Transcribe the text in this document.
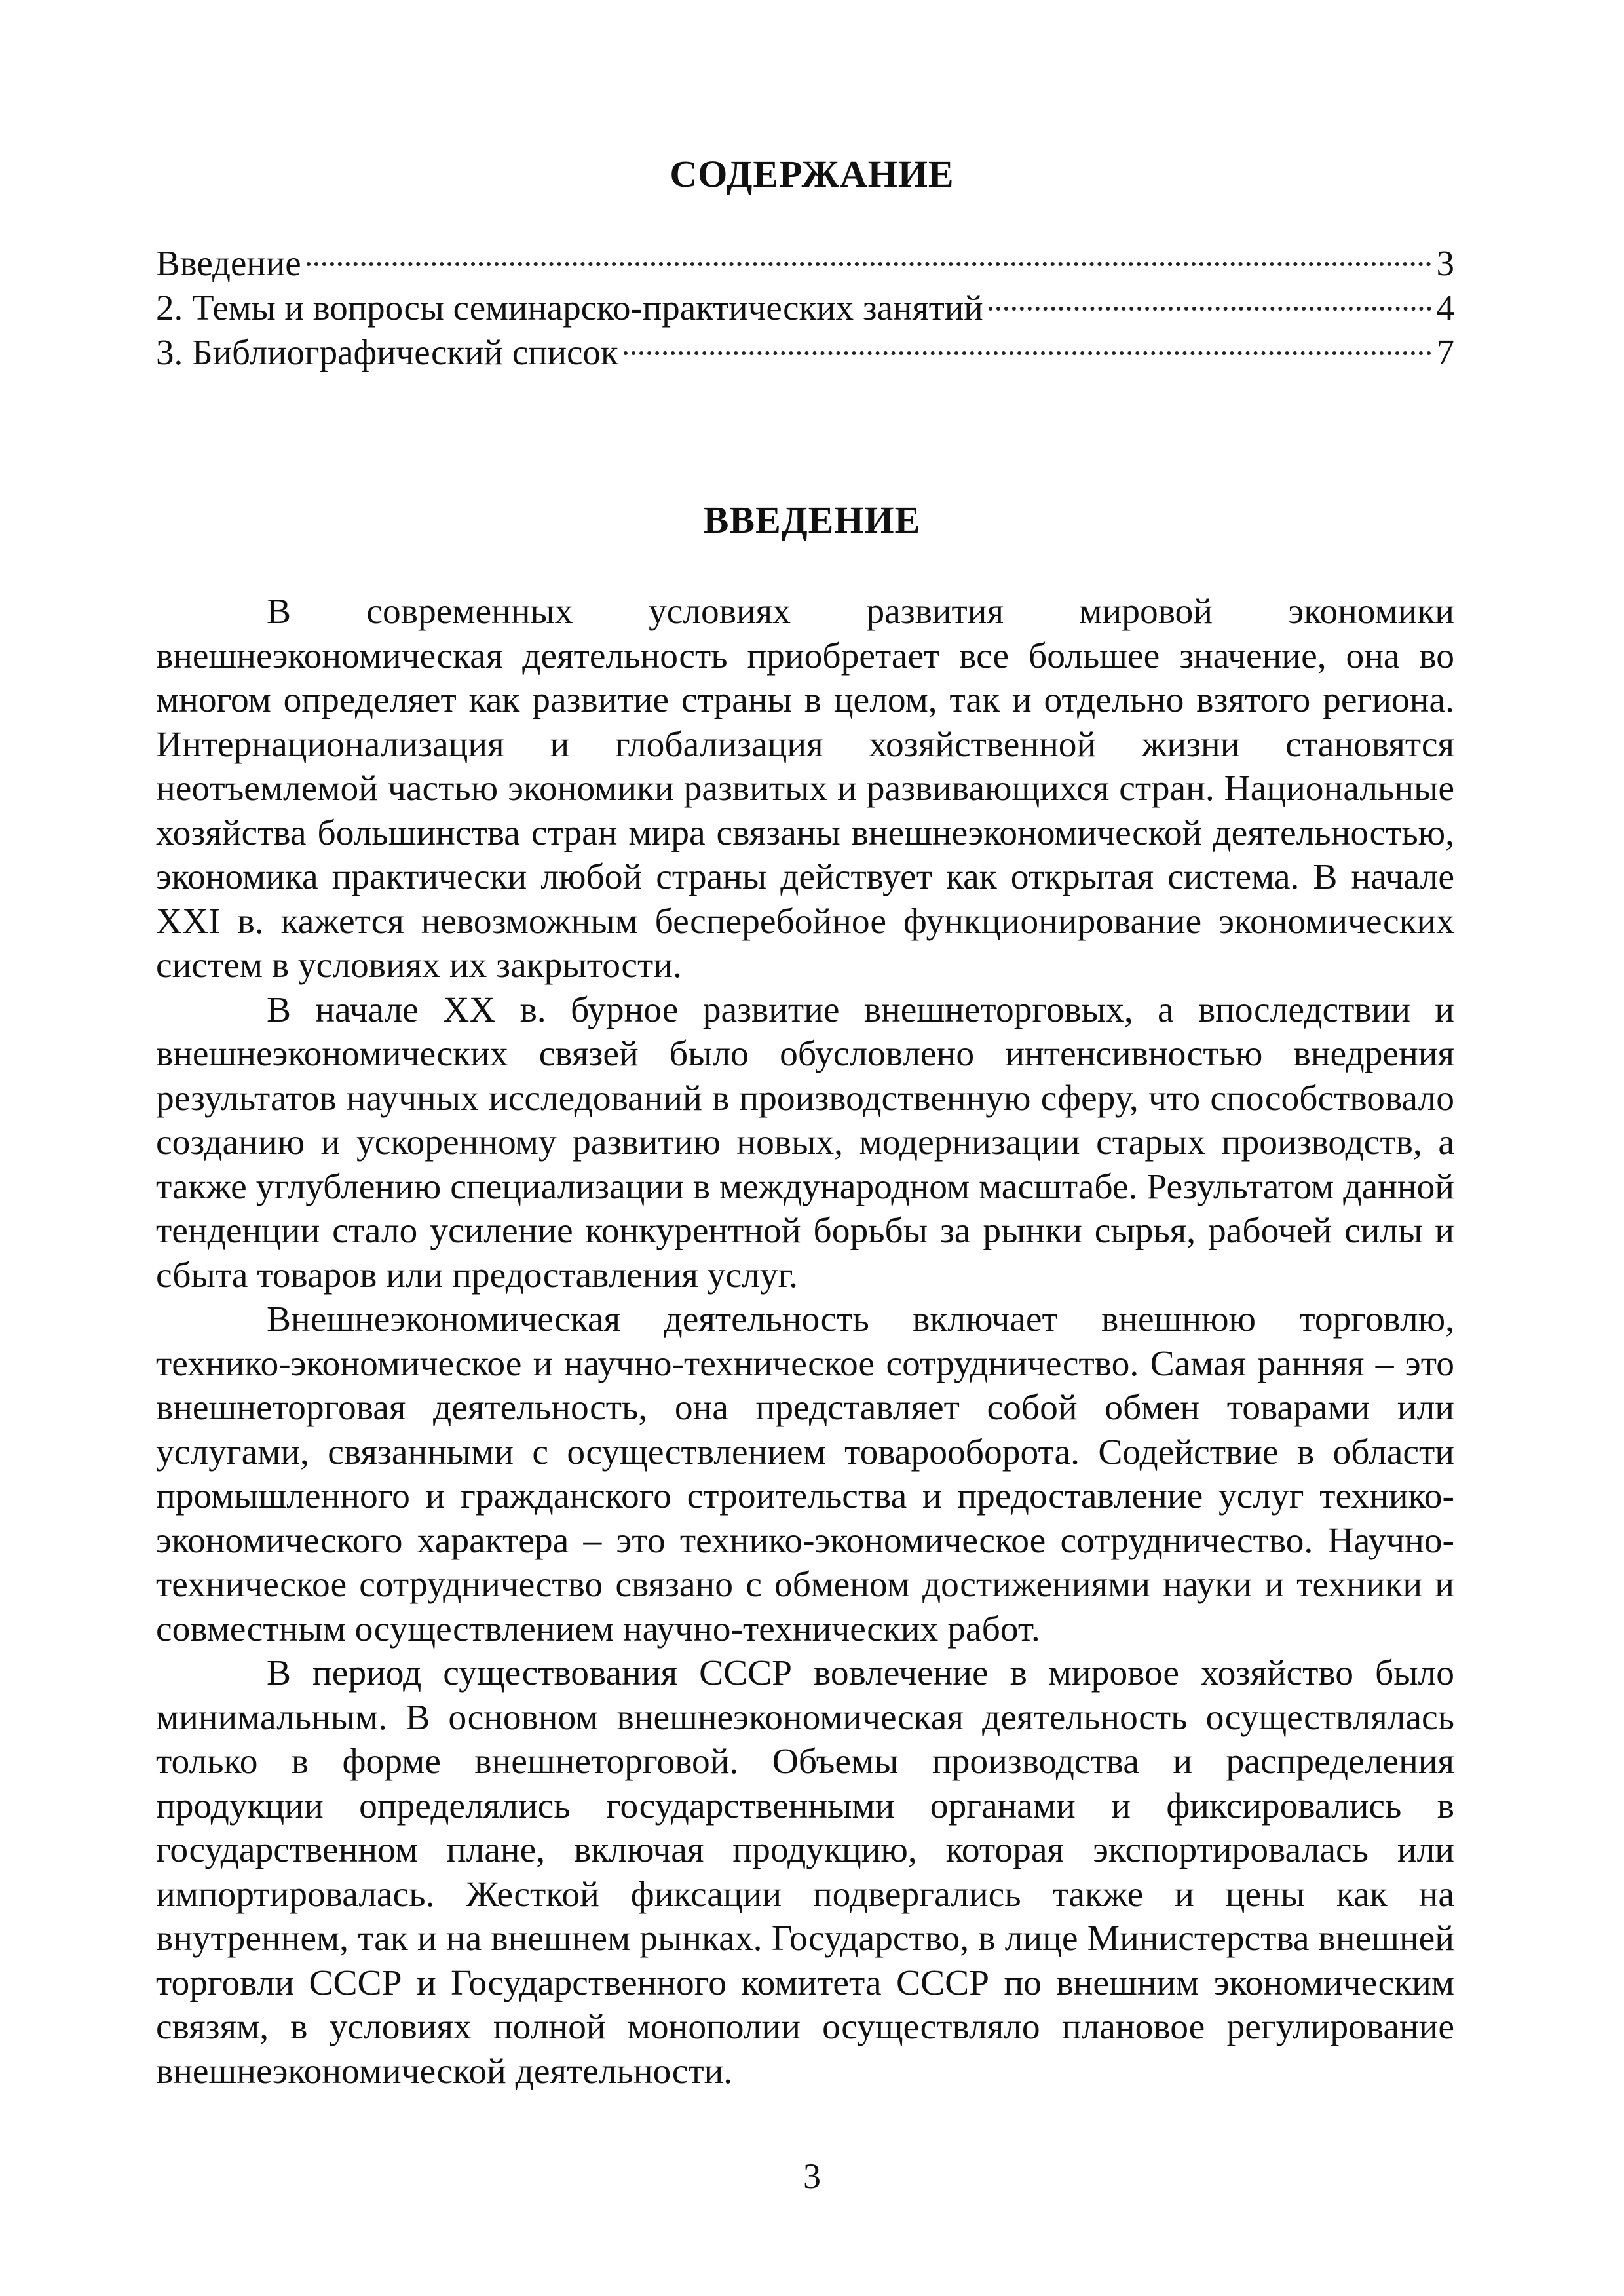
СОДЕРЖАНИЕ
Введение	3
2. Темы и вопросы семинарско-практических занятий	4
3. Библиографический список	7
ВВЕДЕНИЕ

В современных условиях развития мировой экономики внешнеэкономическая деятельность приобретает все большее значение, она во многом определяет как развитие страны в целом, так и отдельно взятого региона. Интернационализация и глобализация хозяйственной жизни становятся неотъемлемой частью экономики развитых и развивающихся стран. Национальные хозяйства большинства стран мира связаны внешнеэкономической деятельностью, экономика практически любой страны действует как открытая система. В начале XXI в. кажется невозможным бесперебойное функционирование экономических систем в условиях их закрытости.

В начале XX в. бурное развитие внешнеторговых, а впоследствии и внешнеэкономических связей было обусловлено интенсивностью внедрения результатов научных исследований в производственную сферу, что способствовало созданию и ускоренному развитию новых, модернизации старых производств, а также углублению специализации в международном масштабе. Результатом данной тенденции стало усиление конкурентной борьбы за рынки сырья, рабочей силы и сбыта товаров или предоставления услуг.

Внешнеэкономическая деятельность включает внешнюю торговлю, технико-экономическое и научно-техническое сотрудничество. Самая ранняя – это внешнеторговая деятельность, она представляет собой обмен товарами или услугами, связанными с осуществлением товарооборота. Содействие в области промышленного и гражданского строительства и предоставление услуг технико-экономического характера – это технико-экономическое сотрудничество. Научно-техническое сотрудничество связано с обменом достижениями науки и техники и совместным осуществлением научно-технических работ.

В период существования СССР вовлечение в мировое хозяйство было минимальным. В основном внешнеэкономическая деятельность осуществлялась только в форме внешнеторговой. Объемы производства и распределения продукции определялись государственными органами и фиксировались в государственном плане, включая продукцию, которая экспортировалась или импортировалась. Жесткой фиксации подвергались также и цены как на внутреннем, так и на внешнем рынках. Государство, в лице Министерства внешней торговли СССР и Государственного комитета СССР по внешним экономическим связям, в условиях полной монополии осуществляло плановое регулирование внешнеэкономической деятельности.

3
